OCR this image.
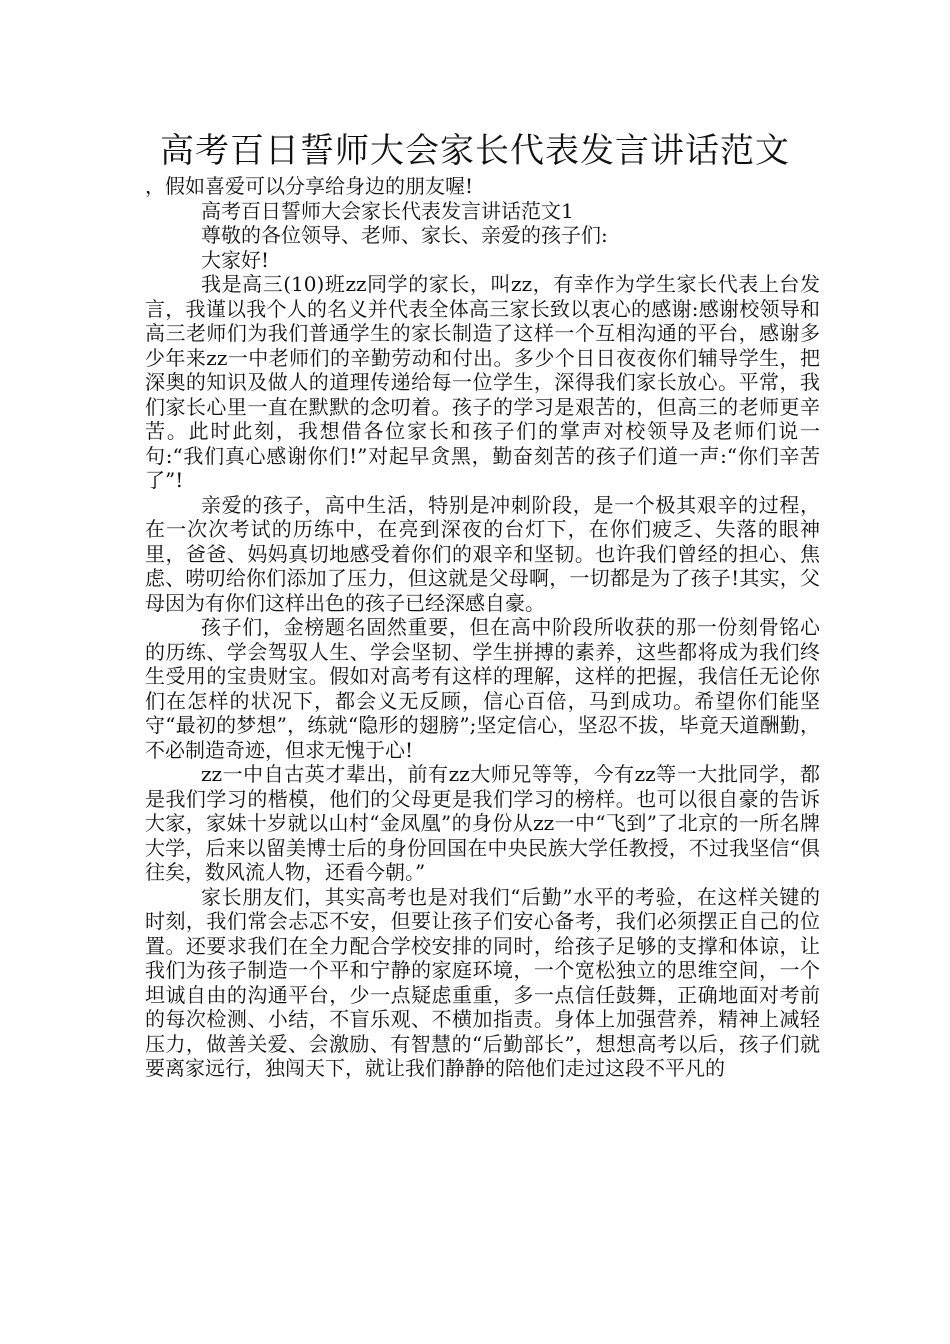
高考百日誓师大会家长代表发言讲话范文

，假如喜爱可以分享给身边的朋友喔!

高考百日誓师大会家长代表发言讲话范文1

尊敬的各位领导、老师、家长、亲爱的孩子们:

大家好!

我是高三(10)班zz同学的家长，叫zz，有幸作为学生家长代表上台发言，我谨以我个人的名义并代表全体高三家长致以衷心的感谢:感谢校领导和高三老师们为我们普通学生的家长制造了这样一个互相沟通的平台，感谢多少年来zz一中老师们的辛勤劳动和付出。多少个日日夜夜你们辅导学生，把深奥的知识及做人的道理传递给每一位学生，深得我们家长放心。平常，我们家长心里一直在默默的念叨着。孩子的学习是艰苦的，但高三的老师更辛苦。此时此刻，我想借各位家长和孩子们的掌声对校领导及老师们说一句:“我们真心感谢你们!”对起早贪黑，勤奋刻苦的孩子们道一声:“你们辛苦了”!

亲爱的孩子，高中生活，特别是冲刺阶段，是一个极其艰辛的过程，在一次次考试的历练中，在亮到深夜的台灯下，在你们疲乏、失落的眼神里，爸爸、妈妈真切地感受着你们的艰辛和坚韧。也许我们曾经的担心、焦虑、唠叨给你们添加了压力，但这就是父母啊，一切都是为了孩子!其实，父母因为有你们这样出色的孩子已经深感自豪。

孩子们，金榜题名固然重要，但在高中阶段所收获的那一份刻骨铭心的历练、学会驾驭人生、学会坚韧、学生拼搏的素养，这些都将成为我们终生受用的宝贵财宝。假如对高考有这样的理解，这样的把握，我信任无论你们在怎样的状况下，都会义无反顾，信心百倍，马到成功。希望你们能坚守“最初的梦想”，练就“隐形的翅膀”;坚定信心，坚忍不拔，毕竟天道酬勤，不必制造奇迹，但求无愧于心!

zz一中自古英才辈出，前有zz大师兄等等，今有zz等一大批同学，都是我们学习的楷模，他们的父母更是我们学习的榜样。也可以很自豪的告诉大家，家妹十岁就以山村“金凤凰”的身份从zz一中“飞到”了北京的一所名牌大学，后来以留美博士后的身份回国在中央民族大学任教授，不过我坚信“俱往矣，数风流人物，还看今朝。”

家长朋友们，其实高考也是对我们“后勤”水平的考验，在这样关键的时刻，我们常会忐忑不安，但要让孩子们安心备考，我们必须摆正自己的位置。还要求我们在全力配合学校安排的同时，给孩子足够的支撑和体谅，让我们为孩子制造一个平和宁静的家庭环境，一个宽松独立的思维空间，一个坦诚自由的沟通平台，少一点疑虑重重，多一点信任鼓舞，正确地面对考前的每次检测、小结，不盲乐观、不横加指责。身体上加强营养，精神上减轻压力，做善关爱、会激励、有智慧的“后勤部长”，想想高考以后，孩子们就要离家远行，独闯天下，就让我们静静的陪他们走过这段不平凡的
